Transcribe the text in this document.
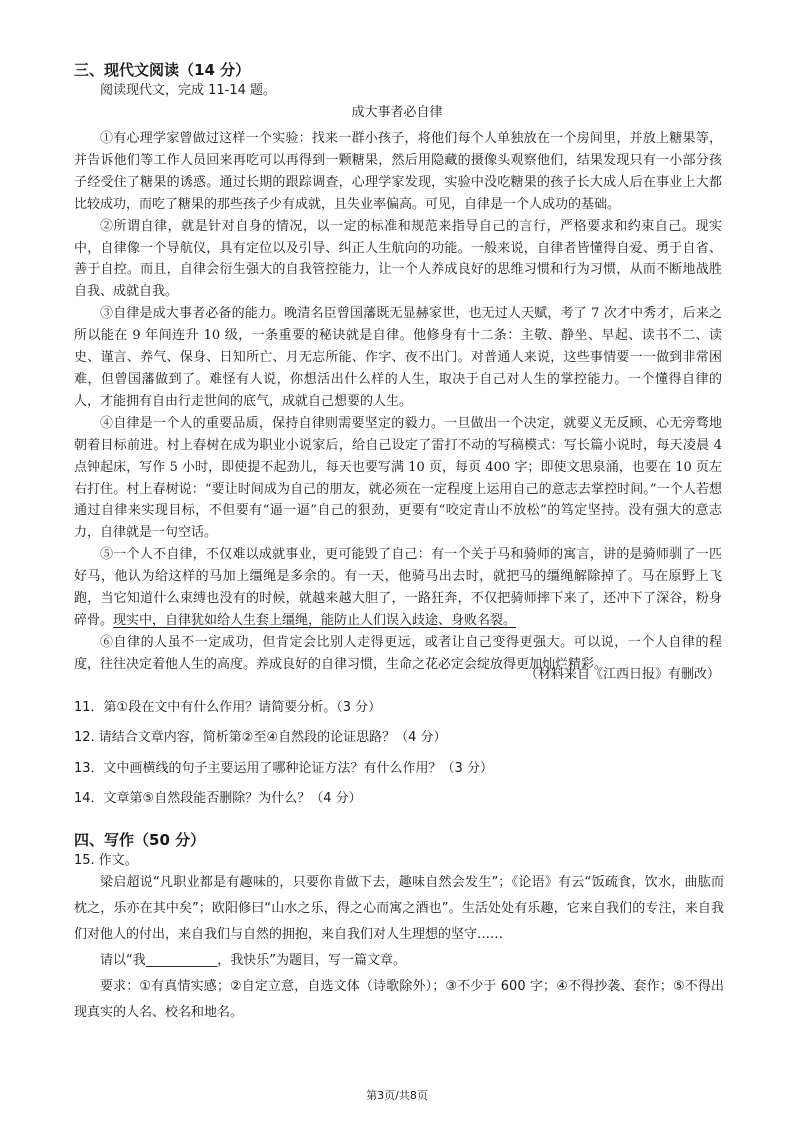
三、现代文阅读（14 分）
阅读现代文，完成 11-14 题。
成大事者必自律

①有心理学家曾做过这样一个实验：找来一群小孩子，将他们每个人单独放在一个房间里，并放上糖果等，并告诉他们等工作人员回来再吃可以再得到一颗糖果，然后用隐藏的摄像头观察他们，结果发现只有一小部分孩子经受住了糖果的诱惑。通过长期的跟踪调查，心理学家发现，实验中没吃糖果的孩子长大成人后在事业上大都比较成功，而吃了糖果的那些孩子少有成就，且失业率偏高。可见，自律是一个人成功的基础。

②所谓自律，就是针对自身的情况，以一定的标准和规范来指导自己的言行，严格要求和约束自己。现实中，自律像一个导航仪，具有定位以及引导、纠正人生航向的功能。一般来说，自律者皆懂得自爱、勇于自省、善于自控。而且，自律会衍生强大的自我管控能力，让一个人养成良好的思维习惯和行为习惯，从而不断地战胜自我、成就自我。

③自律是成大事者必备的能力。晚清名臣曾国藩既无显赫家世，也无过人天赋，考了 7 次才中秀才，后来之所以能在 9 年间连升 10 级，一条重要的秘诀就是自律。他修身有十二条：主敬、静坐、早起、读书不二、读史、谨言、养气、保身、日知所亡、月无忘所能、作字、夜不出门。对普通人来说，这些事情要一一做到非常困难，但曾国藩做到了。难怪有人说，你想活出什么样的人生，取决于自己对人生的掌控能力。一个懂得自律的人，才能拥有自由行走世间的底气，成就自己想要的人生。

④自律是一个人的重要品质，保持自律则需要坚定的毅力。一旦做出一个决定，就要义无反顾、心无旁骛地朝着目标前进。村上春树在成为职业小说家后，给自己设定了雷打不动的写稿模式：写长篇小说时，每天凌晨 4 点钟起床，写作 5 小时，即使提不起劲儿，每天也要写满 10 页，每页 400 字；即使文思泉涌，也要在 10 页左右打住。村上春树说：“要让时间成为自己的朋友，就必须在一定程度上运用自己的意志去掌控时间。”一个人若想通过自律来实现目标，不但要有“逼一逼”自己的狠劲，更要有“咬定青山不放松”的笃定坚持。没有强大的意志力，自律就是一句空话。

⑤一个人不自律，不仅难以成就事业，更可能毁了自己：有一个关于马和骑师的寓言，讲的是骑师驯了一匹好马，他认为给这样的马加上缰绳是多余的。有一天，他骑马出去时，就把马的缰绳解除掉了。马在原野上飞跑，当它知道什么束缚也没有的时候，就越来越大胆了，一路狂奔，不仅把骑师摔下来了，还冲下了深谷，粉身碎骨。现实中，自律犹如给人生套上缰绳，能防止人们误入歧途、身败名裂。

⑥自律的人虽不一定成功，但肯定会比别人走得更远，或者让自己变得更强大。可以说，一个人自律的程度，往往决定着他人生的高度。养成良好的自律习惯，生命之花必定会绽放得更加灿烂精彩。

（材料来自《江西日报》有删改）
11．第①段在文中有什么作用？请简要分析。（3 分）
12. 请结合文章内容，简析第②至④自然段的论证思路？（4 分）
13．文中画横线的句子主要运用了哪种论证方法？有什么作用？（3 分）
14．文章第⑤自然段能否删除？为什么？（4 分）
四、写作（50 分）
15. 作文。

梁启超说“凡职业都是有趣味的，只要你肯做下去，趣味自然会发生”；《论语》有云“饭疏食，饮水，曲肱而枕之，乐亦在其中矣”；欧阳修曰“山水之乐，得之心而寓之酒也”。生活处处有乐趣，它来自我们的专注，来自我们对他人的付出，来自我们与自然的拥抱，来自我们对人生理想的坚守……

请以“我___________，我快乐”为题目，写一篇文章。

要求：①有真情实感；②自定立意，自选文体（诗歌除外）；③不少于 600 字；④不得抄袭、套作；⑤不得出现真实的人名、校名和地名。

第3页/共8页
